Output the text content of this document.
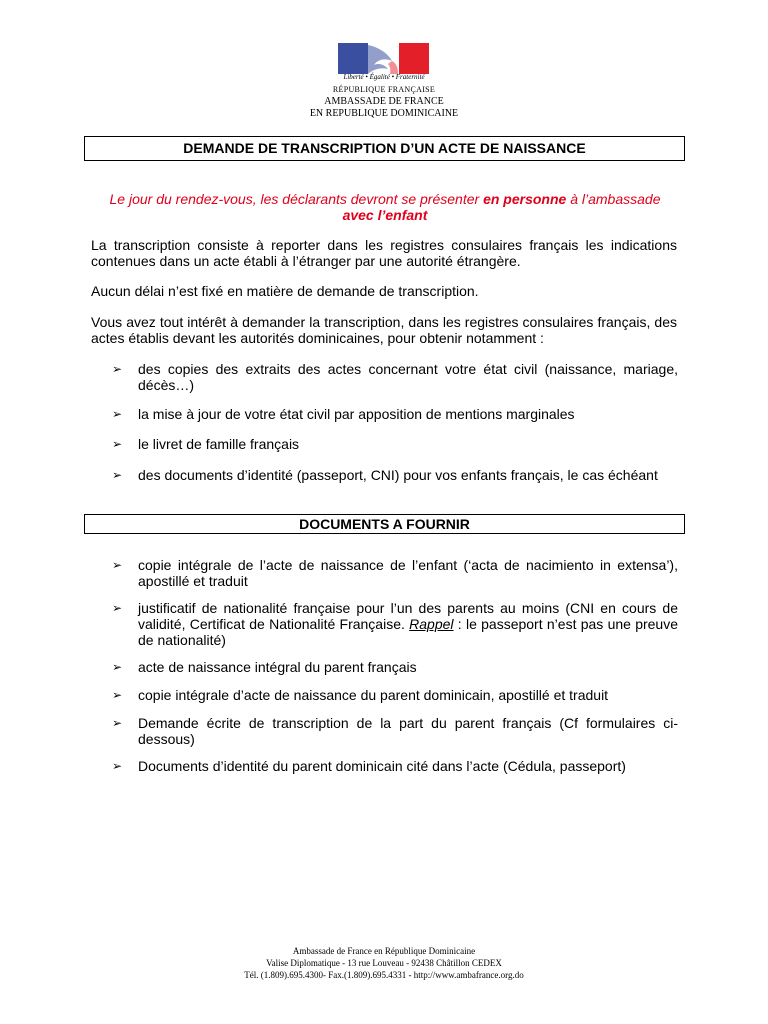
Liberté • Égalité • Fraternité
RÉPUBLIQUE FRANÇAISE
AMBASSADE DE FRANCE
EN REPUBLIQUE DOMINICAINE
DEMANDE DE TRANSCRIPTION D’UN ACTE DE NAISSANCE
Le jour du rendez-vous, les déclarants devront se présenter en personne à l’ambassade
avec l’enfant
La transcription consiste à reporter dans les registres consulaires français les indications contenues dans un acte établi à l’étranger par une autorité étrangère.
Aucun délai n’est fixé en matière de demande de transcription.
Vous avez tout intérêt à demander la transcription, dans les registres consulaires français, des actes établis devant les autorités dominicaines, pour obtenir notamment :
➢ des copies des extraits des actes concernant votre état civil (naissance, mariage, décès…)
➢ la mise à jour de votre état civil par apposition de mentions marginales
➢ le livret de famille français
➢ des documents d’identité (passeport, CNI) pour vos enfants français, le cas échéant
DOCUMENTS A FOURNIR
➢ copie intégrale de l’acte de naissance de l’enfant (‘acta de nacimiento in extensa’), apostillé et traduit
➢ justificatif de nationalité française pour l’un des parents au moins (CNI en cours de validité, Certificat de Nationalité Française. Rappel : le passeport n’est pas une preuve de nationalité)
➢ acte de naissance intégral du parent français
➢ copie intégrale d’acte de naissance du parent dominicain, apostillé et traduit
➢ Demande écrite de transcription de la part du parent français (Cf formulaires ci-dessous)
➢ Documents d’identité du parent dominicain cité dans l’acte (Cédula, passeport)
Ambassade de France en République Dominicaine
Valise Diplomatique - 13 rue Louveau - 92438 Châtillon CEDEX
Tél. (1.809).695.4300- Fax.(1.809).695.4331 - http://www.ambafrance.org.do
